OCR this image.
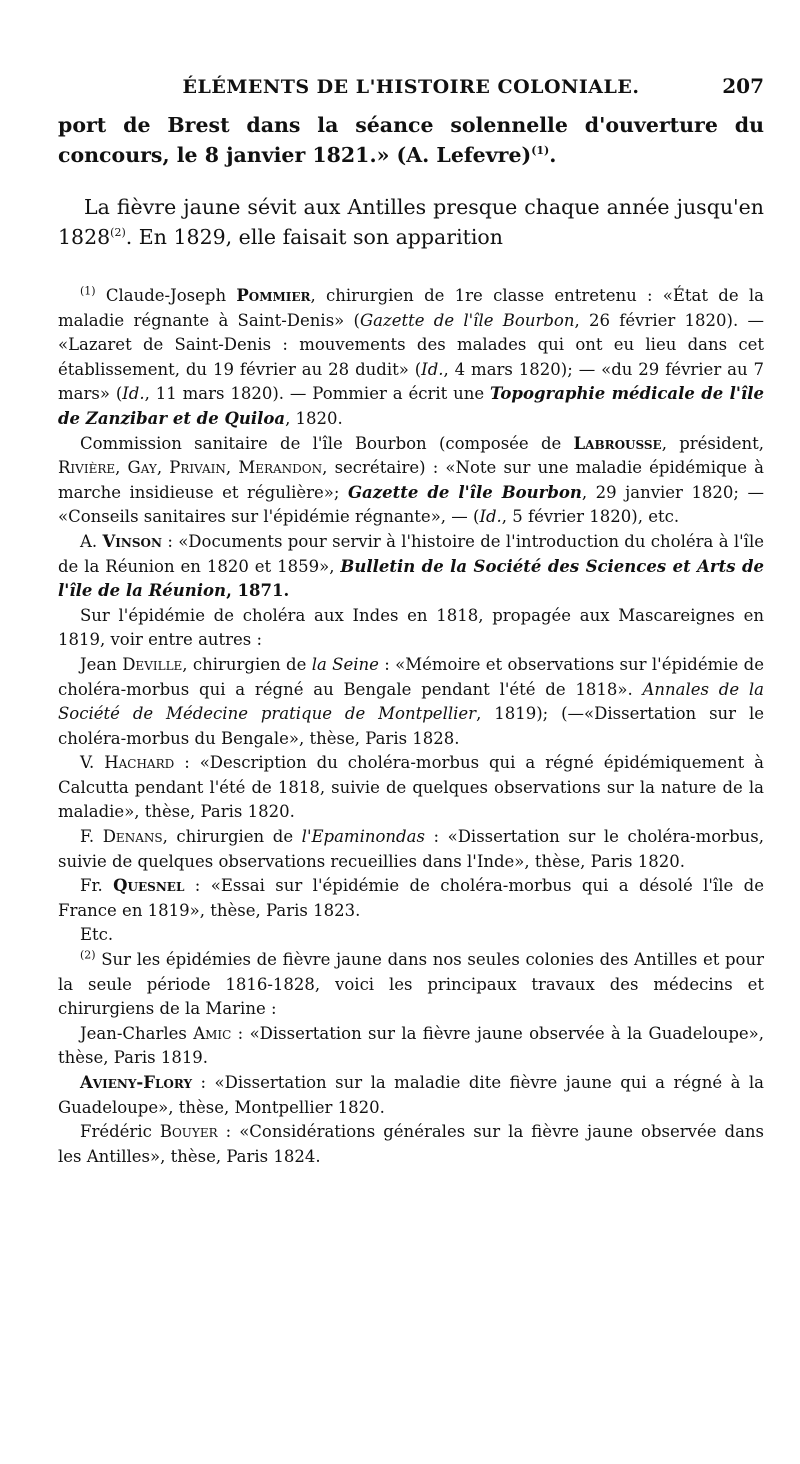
ÉLÉMENTS DE L'HISTOIRE COLONIALE.	207

port de Brest dans la séance solennelle d'ouverture du concours, le 8 janvier 1821.» (A. Lefevre)$^{(1)}$.

La fièvre jaune sévit aux Antilles presque chaque année jusqu'en 1828$^{(2)}$. En 1829, elle faisait son apparition

$^{(1)}$ Claude-Joseph Pommier, chirurgien de 1re classe entretenu : «État de la maladie régnante à Saint-Denis» (Gazette de l'île Bourbon, 26 février 1820). — «Lazaret de Saint-Denis : mouvements des malades qui ont eu lieu dans cet établissement, du 19 février au 28 dudit» (Id., 4 mars 1820); — «du 29 février au 7 mars» (Id., 11 mars 1820). — Pommier a écrit une Topographie médicale de l'île de Zanzibar et de Quiloa, 1820.

Commission sanitaire de l'île Bourbon (composée de Labrousse, président, Rivière, Gay, Privain, Merandon, secrétaire) : «Note sur une maladie épidémique à marche insidieuse et régulière»; Gazette de l'île Bourbon, 29 janvier 1820; — «Conseils sanitaires sur l'épidémie régnante», — (Id., 5 février 1820), etc.

A. Vinson : «Documents pour servir à l'histoire de l'introduction du choléra à l'île de la Réunion en 1820 et 1859», Bulletin de la Société des Sciences et Arts de l'île de la Réunion, 1871.

Sur l'épidémie de choléra aux Indes en 1818, propagée aux Mascareignes en 1819, voir entre autres :

Jean Deville, chirurgien de la Seine : «Mémoire et observations sur l'épidémie de choléra-morbus qui a régné au Bengale pendant l'été de 1818». Annales de la Société de Médecine pratique de Montpellier, 1819); (—«Dissertation sur le choléra-morbus du Bengale», thèse, Paris 1828.

V. Hachard : «Description du choléra-morbus qui a régné épidémiquement à Calcutta pendant l'été de 1818, suivie de quelques observations sur la nature de la maladie», thèse, Paris 1820.

F. Denans, chirurgien de l'Epaminondas : «Dissertation sur le choléra-morbus, suivie de quelques observations recueillies dans l'Inde», thèse, Paris 1820.

Fr. Quesnel : «Essai sur l'épidémie de choléra-morbus qui a désolé l'île de France en 1819», thèse, Paris 1823.

Etc.

$^{(2)}$ Sur les épidémies de fièvre jaune dans nos seules colonies des Antilles et pour la seule période 1816-1828, voici les principaux travaux des médecins et chirurgiens de la Marine :

Jean-Charles Amic : «Dissertation sur la fièvre jaune observée à la Guadeloupe», thèse, Paris 1819.

Avieny-Flory : «Dissertation sur la maladie dite fièvre jaune qui a régné à la Guadeloupe», thèse, Montpellier 1820.

Frédéric Bouyer : «Considérations générales sur la fièvre jaune observée dans les Antilles», thèse, Paris 1824.
